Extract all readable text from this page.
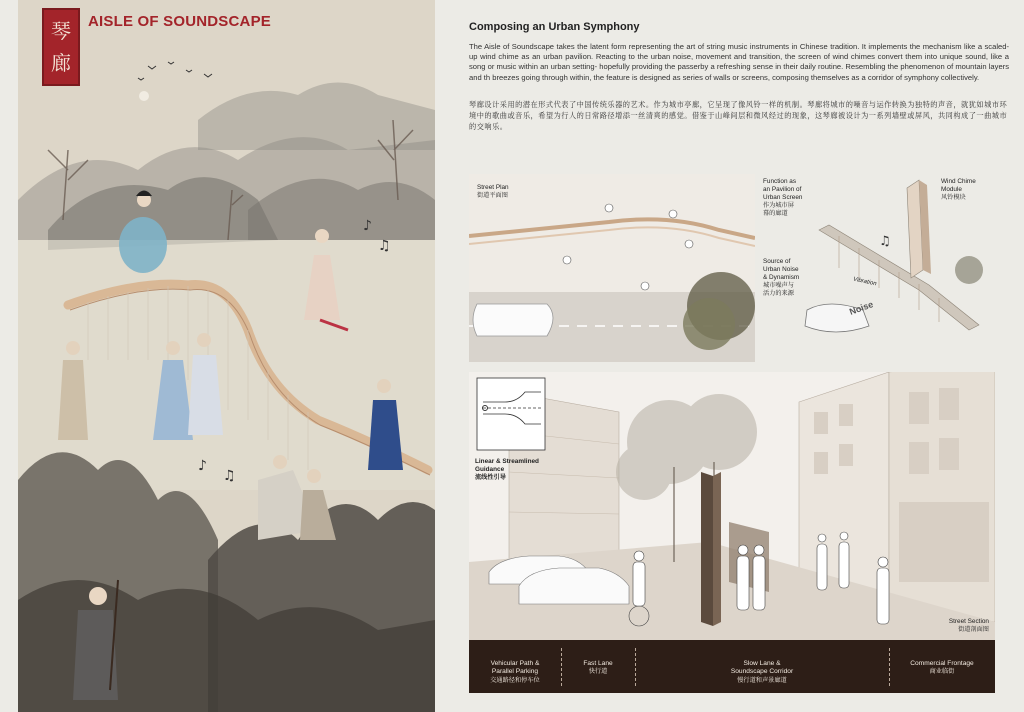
♪
♫
♪
♫
琴
廊
AISLE OF SOUNDSCAPE	Composing an Urban Symphony
The Aisle of Soundscape takes the latent form representing the art of string music instruments in Chinese tradition. It implements the mechanism like a scaled-up wind chime as an urban pavilion. Reacting to the urban noise, movement and transition, the screen of wind chimes convert them into unique sound, like a song or music within an urban setting- hopefully providing the passerby a refreshing sense in their daily routine. Resembling the phenomenon of mountain layers and th breezes going through within, the feature is designed as series of walls or screens, composing themselves as a corridor of symphony collectively.
琴廊设计采用的潜在形式代表了中国传统乐器的艺术。作为城市亭廊，它呈现了像风铃一样的机制。琴廊将城市的噪音与运作转换为独特的声音，就犹如城市环境中的歌曲或音乐，希望为行人的日常路径增添一丝清爽的感觉。借鉴于山峰间层和微风经过的现象，这琴廊被设计为一系列墙壁或屏风，共同构成了一曲城市的交响乐。
Street Plan
街道平面图
♫
Function as
an Pavilion of
Urban Screen
作为城市屏
幕的廊道
Wind Chime
Module
风铃模块
Source of
Urban Noise
& Dynamism
城市噪声与
活力的来源
Vibration
Noise
Linear & Streamlined
Guidance
流线性引导
Street Section
街道剖面图
Vehicular Path &
Parallel Parking
交通路径和停车位
Fast Lane
快行道
Slow Lane &
Soundscape Corridor
慢行道和声景廊道
Commercial Frontage
商业临街
